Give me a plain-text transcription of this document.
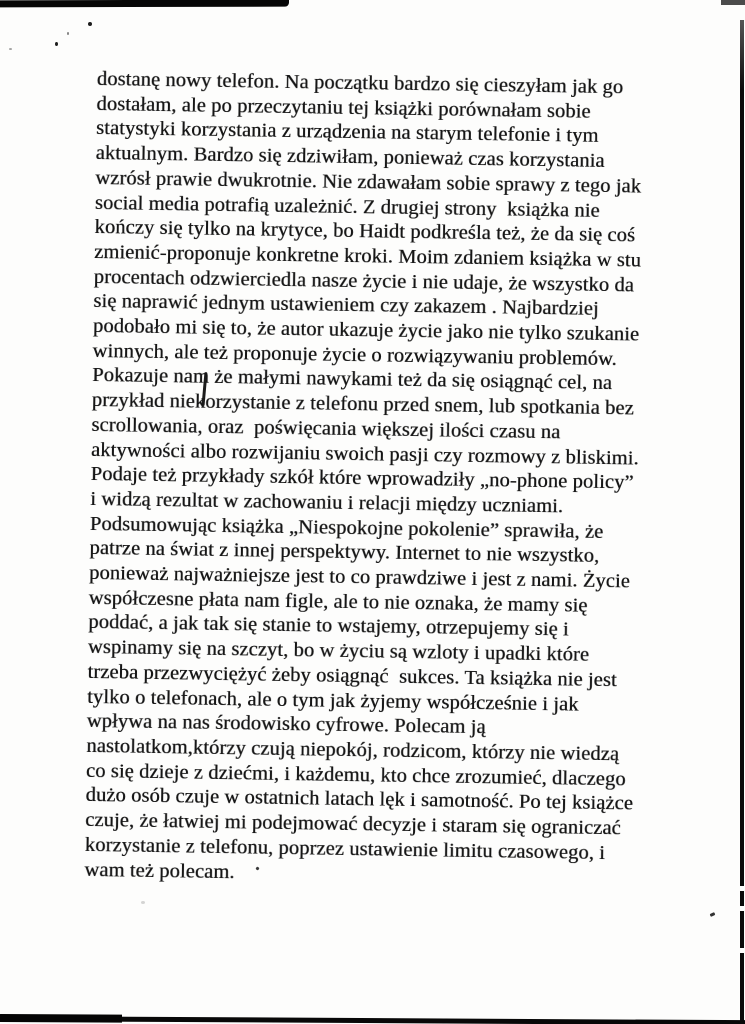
dostanę nowy telefon. Na początku bardzo się cieszyłam jak go
dostałam, ale po przeczytaniu tej książki porównałam sobie
statystyki korzystania z urządzenia na starym telefonie i tym
aktualnym. Bardzo się zdziwiłam, ponieważ czas korzystania
wzrósł prawie dwukrotnie. Nie zdawałam sobie sprawy z tego jak
social media potrafią uzależnić. Z drugiej strony  książka nie
kończy się tylko na krytyce, bo Haidt podkreśla też, że da się coś
zmienić-proponuje konkretne kroki. Moim zdaniem książka w stu
procentach odzwierciedla nasze życie i nie udaje, że wszystko da
się naprawić jednym ustawieniem czy zakazem . Najbardziej
podobało mi się to, że autor ukazuje życie jako nie tylko szukanie
winnych, ale też proponuje życie o rozwiązywaniu problemów.
Pokazuje nam że małymi nawykami też da się osiągnąć cel, na
przykład niekorzystanie z telefonu przed snem, lub spotkania bez
scrollowania, oraz  poświęcania większej ilości czasu na
aktywności albo rozwijaniu swoich pasji czy rozmowy z bliskimi.
Podaje też przykłady szkół które wprowadziły „no-phone policy”
i widzą rezultat w zachowaniu i relacji między uczniami.
Podsumowując książka „Niespokojne pokolenie” sprawiła, że
patrze na świat z innej perspektywy. Internet to nie wszystko,
ponieważ najważniejsze jest to co prawdziwe i jest z nami. Życie
współczesne płata nam figle, ale to nie oznaka, że mamy się
poddać, a jak tak się stanie to wstajemy, otrzepujemy się i
wspinamy się na szczyt, bo w życiu są wzloty i upadki które
trzeba przezwyciężyć żeby osiągnąć  sukces. Ta książka nie jest
tylko o telefonach, ale o tym jak żyjemy współcześnie i jak
wpływa na nas środowisko cyfrowe. Polecam ją
nastolatkom,którzy czują niepokój, rodzicom, którzy nie wiedzą
co się dzieje z dziećmi, i każdemu, kto chce zrozumieć, dlaczego
dużo osób czuje w ostatnich latach lęk i samotność. Po tej książce
czuje, że łatwiej mi podejmować decyzje i staram się ograniczać
korzystanie z telefonu, poprzez ustawienie limitu czasowego, i
wam też polecam.
